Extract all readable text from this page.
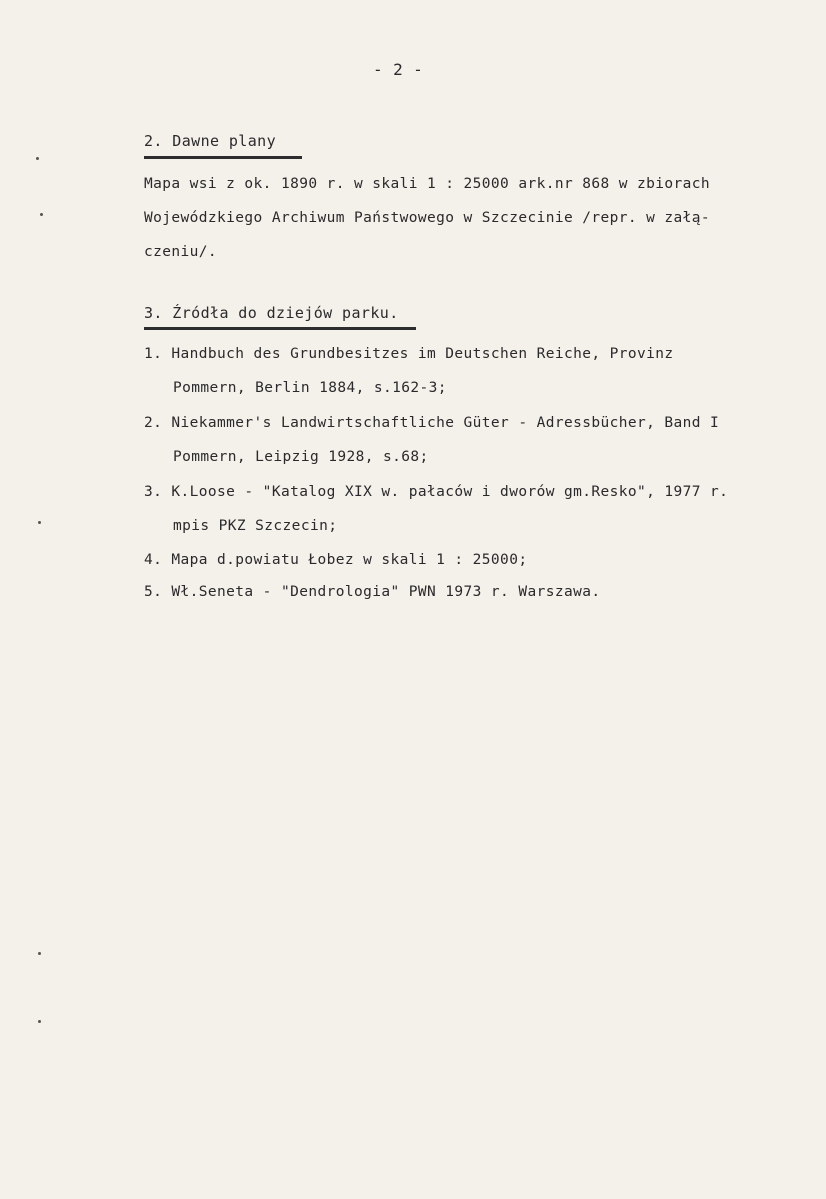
- 2 -
2. Dawne plany
Mapa wsi z ok. 1890 r. w skali 1 : 25000 ark.nr 868 w zbiorach
Wojewódzkiego Archiwum Państwowego w Szczecinie /repr. w załą-
czeniu/.
3. Źródła do dziejów parku.
1. Handbuch des Grundbesitzes im Deutschen Reiche, Provinz
Pommern, Berlin 1884, s.162-3;
2. Niekammer's Landwirtschaftliche Güter - Adressbücher, Band I
Pommern, Leipzig 1928, s.68;
3. K.Loose - "Katalog XIX w. pałaców i dworów gm.Resko", 1977 r.
mpis PKZ Szczecin;
4. Mapa d.powiatu Łobez w skali 1 : 25000;
5. Wł.Seneta - "Dendrologia" PWN 1973 r. Warszawa.
